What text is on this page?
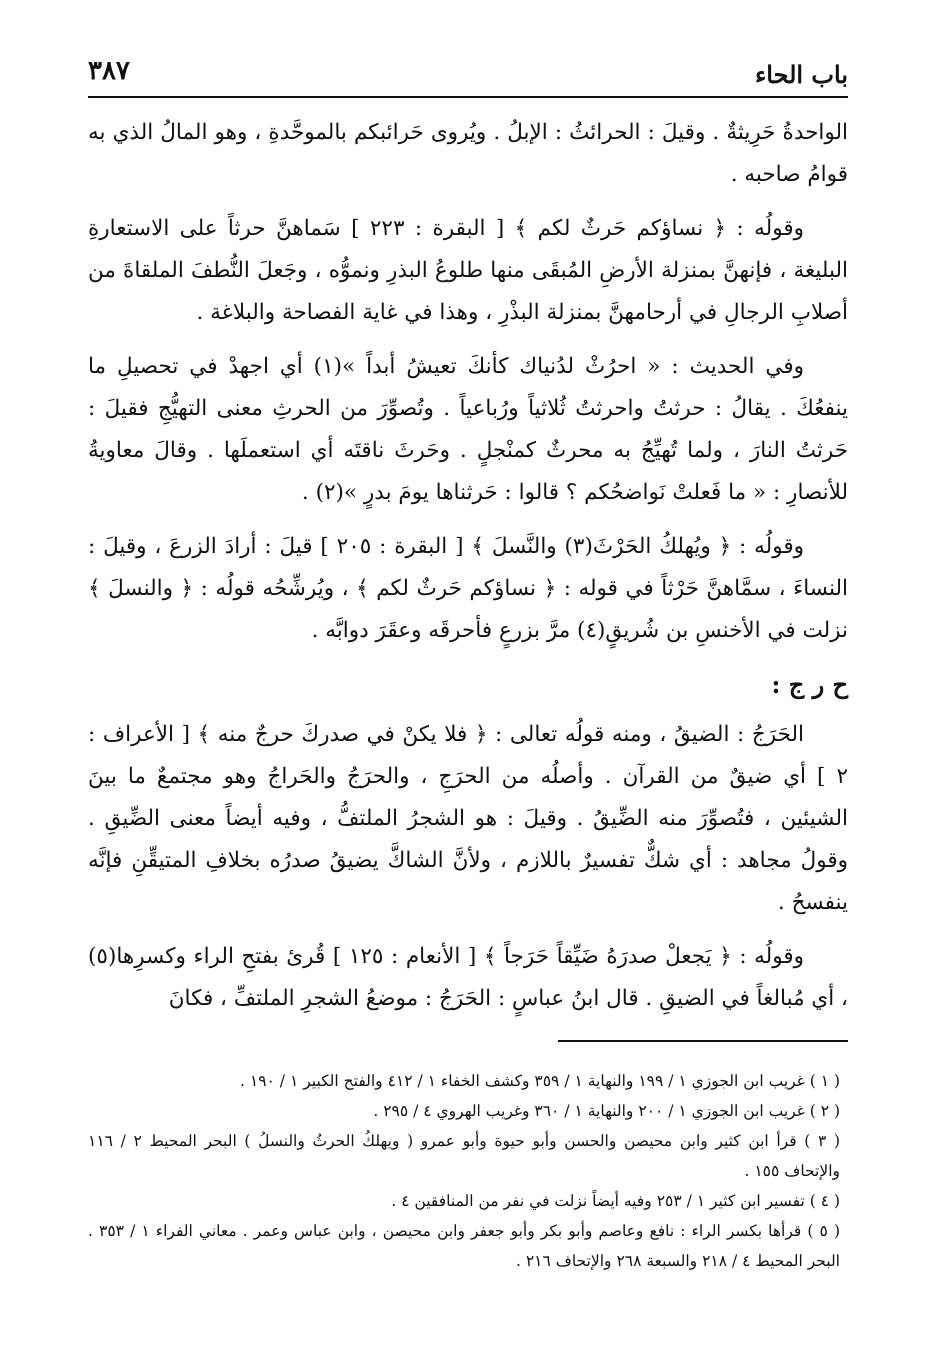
باب الحاء
٣٨٧

الواحدةُ حَرِيثةٌ . وقيلَ : الحرائثُ : الإبلُ . ويُروى حَرائبكم بالموحَّدةِ ، وهو المالُ الذي به قوامُ صاحبه .

وقولُه : ﴿ نساؤكم حَرثٌ لكم ﴾ [ البقرة : ٢٢٣ ] سَماهنَّ حرثاً على الاستعارةِ البليغة ، فإنهنَّ بمنزلة الأرضِ المُبقَى منها طلوعُ البذرِ ونموُّه ، وجَعلَ النُّطفَ الملقاةَ من أصلابِ الرجالِ في أرحامهنَّ بمنزلة البذْرِ ، وهذا في غاية الفصاحة والبلاغة .

وفي الحديث : « احرُثْ لدُنياك كأنكَ تعيشُ أبداً »(١) أي اجهدْ في تحصيلِ ما ينفعُكَ . يقالُ : حرثتُ واحرثتُ ثُلاثياً ورُباعياً . وتُصوِّرَ من الحرثِ معنى التهيُّجِ فقيلَ : حَرثتُ النارَ ، ولما تُهيِّجُ به محرثٌ كمنْجلٍ . وحَرثَ ناقتَه أي استعملَها . وقالَ معاويةُ للأنصارِ : « ما فَعلتْ نَواضحُكم ؟ قالوا : حَرثناها يومَ بدرٍ »(٢) .

وقولُه : ﴿ ويُهلكُ الحَرْثَ(٣) والنَّسلَ ﴾ [ البقرة : ٢٠٥ ] قيلَ : أرادَ الزرعَ ، وقيلَ : النساءَ ، سمَّاهنَّ حَرْثاً في قوله : ﴿ نساؤكم حَرثٌ لكم ﴾ ، ويُرشِّحُه قولُه : ﴿ والنسلَ ﴾ نزلت في الأخنسِ بن شُريقٍ(٤) مرَّ بزرعٍ فأحرقَه وعقَرَ دوابَّه .

ح ر ج :

الحَرَجُ : الضيقُ ، ومنه قولُه تعالى : ﴿ فلا يكنْ في صدركَ حرجٌ منه ﴾ [ الأعراف : ٢ ] أي ضيقٌ من القرآن . وأصلُه من الحرَجِ ، والحرَجُ والحَراجُ وهو مجتمعٌ ما بينَ الشيئين ، فتُصوِّرَ منه الضِّيقُ . وقيلَ : هو الشجرُ الملتفُّ ، وفيه أيضاً معنى الضِّيقِ . وقولُ مجاهد : أي شكٌّ تفسيرٌ باللازم ، ولأنَّ الشاكَّ يضيقُ صدرُه بخلافِ المتيقِّنِ فإنَّه ينفسحُ .

وقولُه : ﴿ يَجعلْ صدرَهُ ضَيِّقاً حَرَجاً ﴾ [ الأنعام : ١٢٥ ] قُرئ بفتحِ الراء وكسرِها(٥) ، أي مُبالغاً في الضيقِ . قال ابنُ عباسٍ : الحَرَجُ : موضعُ الشجرِ الملتفِّ ، فكانَ

( ١ ) غريب ابن الجوزي ١ / ١٩٩ والنهاية ١ / ٣٥٩ وكشف الخفاء ١ / ٤١٢ والفتح الكبير ١ / ١٩٠ .

( ٢ ) غريب ابن الجوزي ١ / ٢٠٠ والنهاية ١ / ٣٦٠ وغريب الهروي ٤ / ٢٩٥ .

( ٣ ) قرأ ابن كثير وابن محيصن والحسن وأبو حيوة وأبو عمرو ( ويهلكُ الحرثُ والنسلُ ) البحر المحيط ٢ / ١١٦ والإتحاف ١٥٥ .

( ٤ ) تفسير ابن كثير ١ / ٢٥٣ وفيه أيضاً نزلت في نفر من المنافقين ٤ .

( ٥ ) قرأها بكسر الراء : نافع وعاصم وأبو بكر وأبو جعفر وابن محيصن ، وابن عباس وعمر . معاني الفراء ١ / ٣٥٣ . البحر المحيط ٤ / ٢١٨ والسبعة ٢٦٨ والإتحاف ٢١٦ .
